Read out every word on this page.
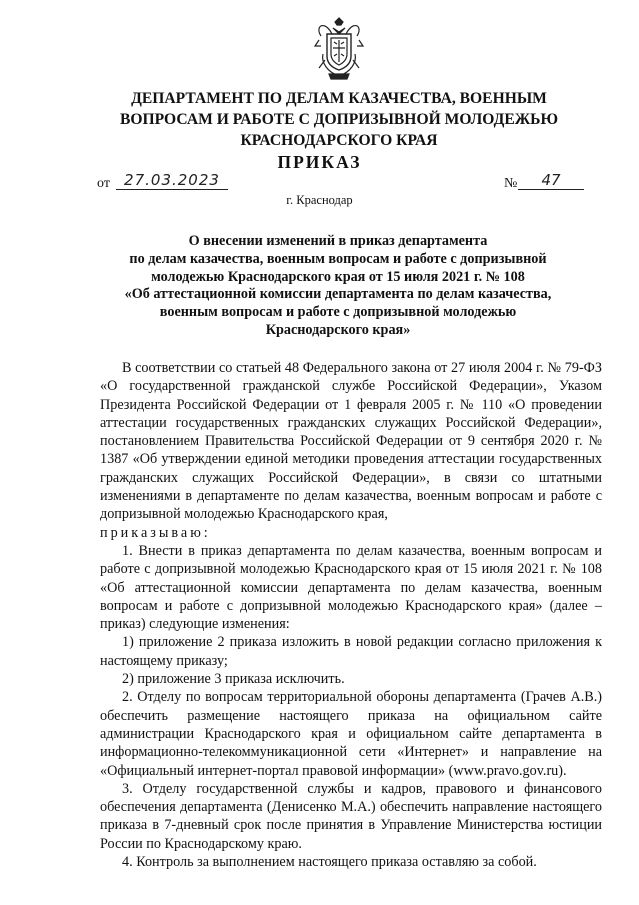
ДЕПАРТАМЕНТ ПО ДЕЛАМ КАЗАЧЕСТВА, ВОЕННЫМ
ВОПРОСАМ И РАБОТЕ С ДОПРИЗЫВНОЙ МОЛОДЕЖЬЮ
КРАСНОДАРСКОГО КРАЯ
ПРИКАЗ
от 27.03.2023	№	47
г. Краснодар
О внесении изменений в приказ департамента
по делам казачества, военным вопросам и работе с допризывной
молодежью Краснодарского края от 15 июля 2021 г. № 108
«Об аттестационной комиссии департамента по делам казачества,
военным вопросам и работе с допризывной молодежью
Краснодарского края»

В соответствии со статьей 48 Федерального закона от 27 июля 2004 г. № 79-ФЗ «О государственной гражданской службе Российской Федерации», Указом Президента Российской Федерации от 1 февраля 2005 г. № 110 «О проведении аттестации государственных гражданских служащих Российской Федерации», постановлением Правительства Российской Федерации от 9 сентября 2020 г. № 1387 «Об утверждении единой методики проведения аттестации государственных гражданских служащих Российской Федерации», в связи со штатными изменениями в департаменте по делам казачества, военным вопросам и работе с допризывной молодежью Краснодарского края,

приказываю:

1. Внести в приказ департамента по делам казачества, военным вопросам и работе с допризывной молодежью Краснодарского края от 15 июля 2021 г. № 108 «Об аттестационной комиссии департамента по делам казачества, военным вопросам и работе с допризывной молодежью Краснодарского края» (далее – приказ) следующие изменения:

1) приложение 2 приказа изложить в новой редакции согласно приложения к настоящему приказу;

2) приложение 3 приказа исключить.

2. Отделу по вопросам территориальной обороны департамента (Грачев А.В.) обеспечить размещение настоящего приказа на официальном сайте администрации Краснодарского края и официальном сайте департамента в информационно-телекоммуникационной сети «Интернет» и направление на «Официальный интернет-портал правовой информации» (www.pravo.gov.ru).

3. Отделу государственной службы и кадров, правового и финансового обеспечения департамента (Денисенко М.А.) обеспечить направление настоящего приказа в 7-дневный срок после принятия в Управление Министерства юстиции России по Краснодарскому краю.

4. Контроль за выполнением настоящего приказа оставляю за собой.
